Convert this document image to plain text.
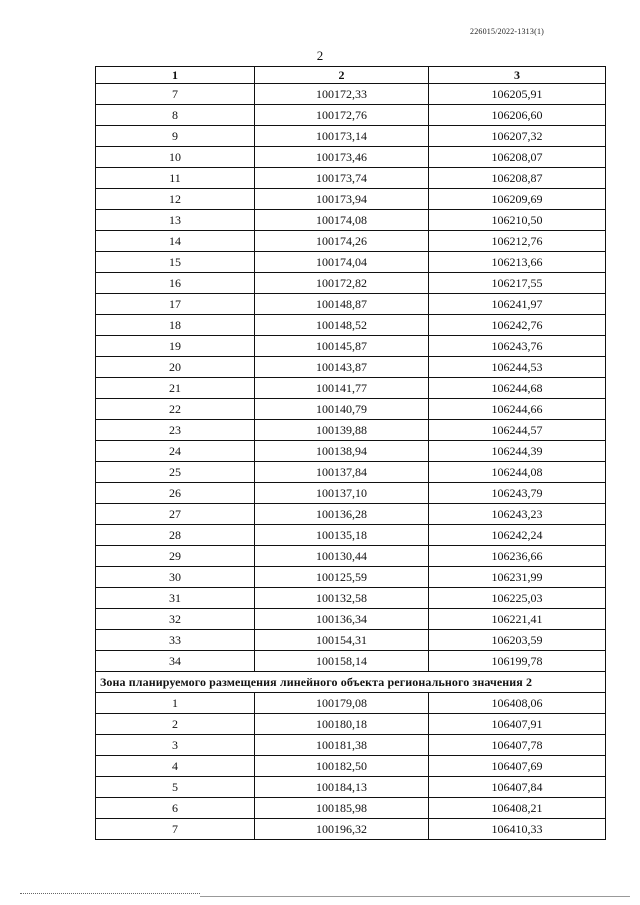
226015/2022-1313(1)
2
1	2	3
7	100172,33	106205,91
8	100172,76	106206,60
9	100173,14	106207,32
10	100173,46	106208,07
11	100173,74	106208,87
12	100173,94	106209,69
13	100174,08	106210,50
14	100174,26	106212,76
15	100174,04	106213,66
16	100172,82	106217,55
17	100148,87	106241,97
18	100148,52	106242,76
19	100145,87	106243,76
20	100143,87	106244,53
21	100141,77	106244,68
22	100140,79	106244,66
23	100139,88	106244,57
24	100138,94	106244,39
25	100137,84	106244,08
26	100137,10	106243,79
27	100136,28	106243,23
28	100135,18	106242,24
29	100130,44	106236,66
30	100125,59	106231,99
31	100132,58	106225,03
32	100136,34	106221,41
33	100154,31	106203,59
34	100158,14	106199,78
Зона планируемого размещения линейного объекта регионального значения 2		
1	100179,08	106408,06
2	100180,18	106407,91
3	100181,38	106407,78
4	100182,50	106407,69
5	100184,13	106407,84
6	100185,98	106408,21
7	100196,32	106410,33
